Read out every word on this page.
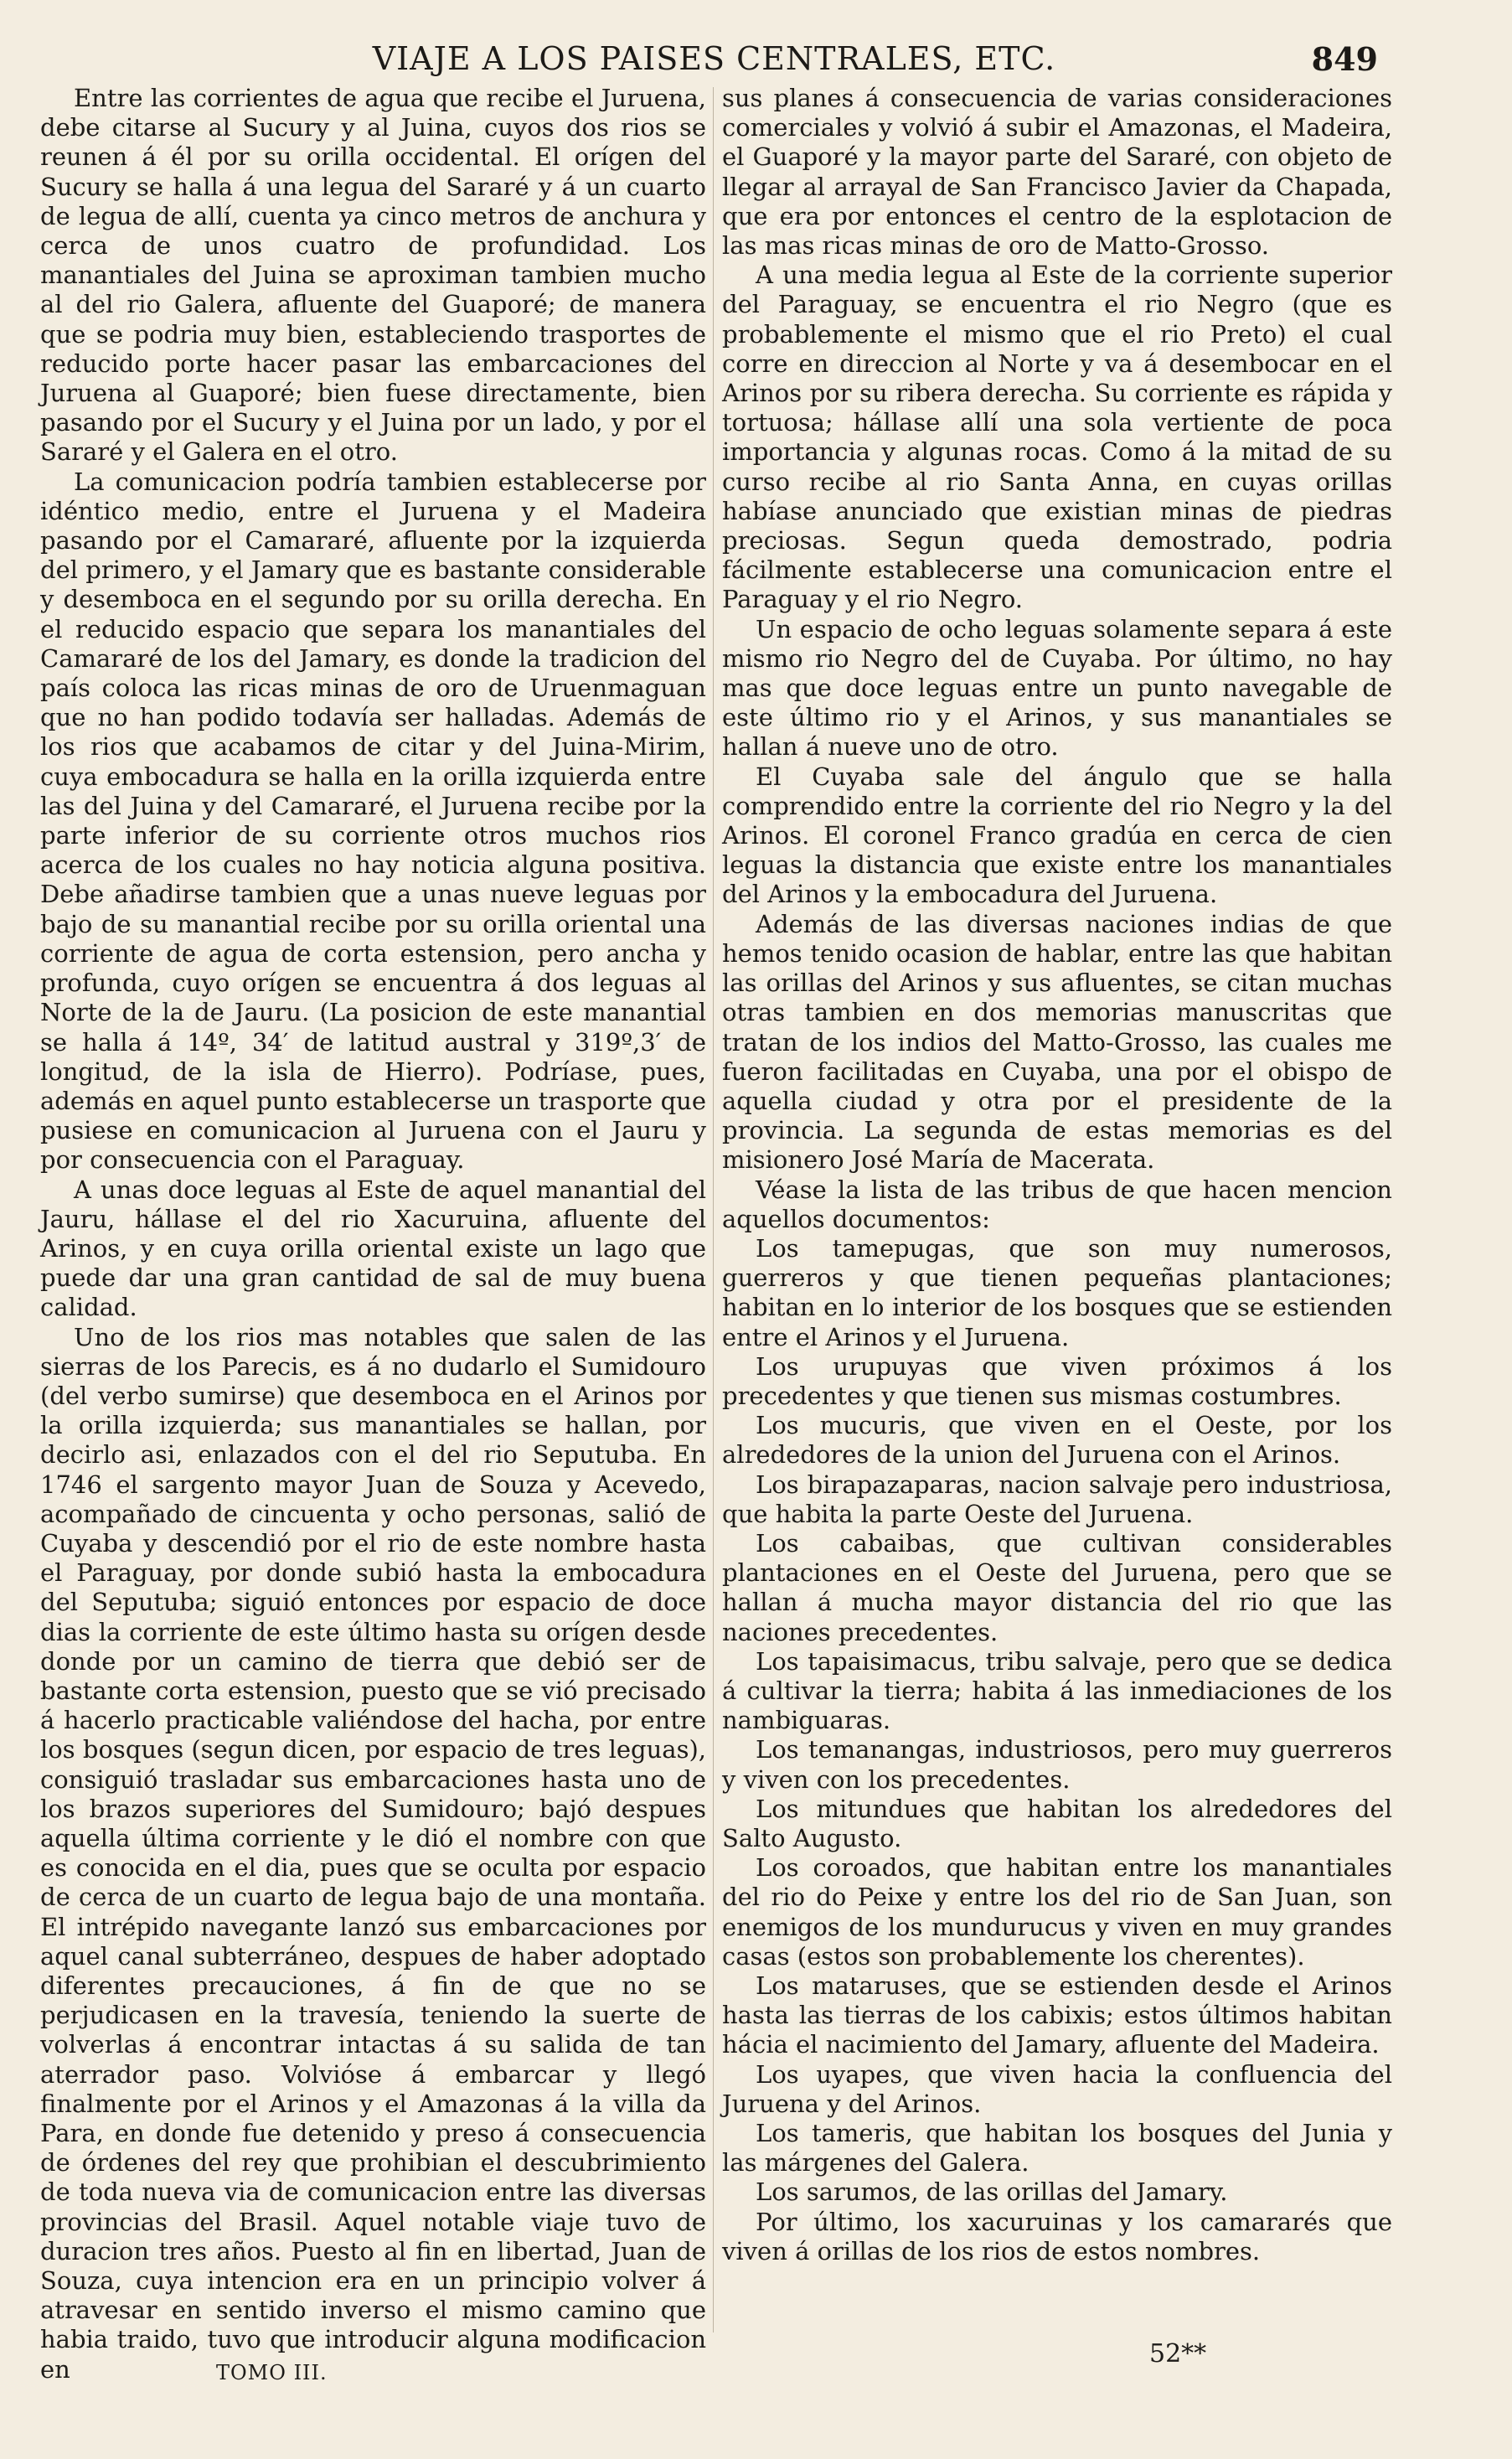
VIAJE A LOS PAISES CENTRALES, ETC.	849

Entre las corrientes de agua que recibe el Juruena, debe citarse al Sucury y al Juina, cuyos dos rios se reunen á él por su orilla occidental. El orígen del Sucury se halla á una legua del Sararé y á un cuarto de legua de allí, cuenta ya cinco metros de anchura y cerca de unos cuatro de profundidad. Los manantiales del Juina se aproximan tambien mucho al del rio Galera, afluente del Guaporé; de manera que se podria muy bien, estableciendo trasportes de reducido porte hacer pasar las embarcaciones del Juruena al Guaporé; bien fuese directamente, bien pasando por el Sucury y el Juina por un lado, y por el Sararé y el Galera en el otro.

La comunicacion podría tambien establecerse por idéntico medio, entre el Juruena y el Madeira pasando por el Camararé, afluente por la izquierda del primero, y el Jamary que es bastante considerable y desemboca en el segundo por su orilla derecha. En el reducido espacio que separa los manantiales del Camararé de los del Jamary, es donde la tradicion del país coloca las ricas minas de oro de Uruenmaguan que no han podido todavía ser halladas. Además de los rios que acabamos de citar y del Juina-Mirim, cuya embocadura se halla en la orilla izquierda entre las del Juina y del Camararé, el Juruena recibe por la parte inferior de su corriente otros muchos rios acerca de los cuales no hay noticia alguna positiva. Debe añadirse tambien que a unas nueve leguas por bajo de su manantial recibe por su orilla oriental una corriente de agua de corta estension, pero ancha y profunda, cuyo orígen se encuentra á dos leguas al Norte de la de Jauru. (La posicion de este manantial se halla á 14º, 34′ de latitud austral y 319º,3′ de longitud, de la isla de Hierro). Podríase, pues, además en aquel punto establecerse un trasporte que pusiese en comunicacion al Juruena con el Jauru y por consecuencia con el Paraguay.

A unas doce leguas al Este de aquel manantial del Jauru, hállase el del rio Xacuruina, afluente del Arinos, y en cuya orilla oriental existe un lago que puede dar una gran cantidad de sal de muy buena calidad.

Uno de los rios mas notables que salen de las sierras de los Parecis, es á no dudarlo el Sumidouro (del verbo sumirse) que desemboca en el Arinos por la orilla izquierda; sus manantiales se hallan, por decirlo asi, enlazados con el del rio Seputuba. En 1746 el sargento mayor Juan de Souza y Acevedo, acompañado de cincuenta y ocho personas, salió de Cuyaba y descendió por el rio de este nombre hasta el Paraguay, por donde subió hasta la embocadura del Seputuba; siguió entonces por espacio de doce dias la corriente de este último hasta su orígen desde donde por un camino de tierra que debió ser de bastante corta estension, puesto que se vió precisado á hacerlo practicable valiéndose del hacha, por entre los bosques (segun dicen, por espacio de tres leguas), consiguió trasladar sus embarcaciones hasta uno de los brazos superiores del Sumidouro; bajó despues aquella última corriente y le dió el nombre con que es conocida en el dia, pues que se oculta por espacio de cerca de un cuarto de legua bajo de una montaña. El intrépido navegante lanzó sus embarcaciones por aquel canal subterráneo, despues de haber adoptado diferentes precauciones, á fin de que no se perjudicasen en la travesía, teniendo la suerte de volverlas á encontrar intactas á su salida de tan aterrador paso. Volvióse á embarcar y llegó finalmente por el Arinos y el Amazonas á la villa da Para, en donde fue detenido y preso á consecuencia de órdenes del rey que prohibian el descubrimiento de toda nueva via de comunicacion entre las diversas provincias del Brasil. Aquel notable viaje tuvo de duracion tres años. Puesto al fin en libertad, Juan de Souza, cuya intencion era en un principio volver á atravesar en sentido inverso el mismo camino que habia traido, tuvo que introducir alguna modificacion en

sus planes á consecuencia de varias consideraciones comerciales y volvió á subir el Amazonas, el Madeira, el Guaporé y la mayor parte del Sararé, con objeto de llegar al arrayal de San Francisco Javier da Chapada, que era por entonces el centro de la esplotacion de las mas ricas minas de oro de Matto-Grosso.

A una media legua al Este de la corriente superior del Paraguay, se encuentra el rio Negro (que es probablemente el mismo que el rio Preto) el cual corre en direccion al Norte y va á desembocar en el Arinos por su ribera derecha. Su corriente es rápida y tortuosa; hállase allí una sola vertiente de poca importancia y algunas rocas. Como á la mitad de su curso recibe al rio Santa Anna, en cuyas orillas habíase anunciado que existian minas de piedras preciosas. Segun queda demostrado, podria fácilmente establecerse una comunicacion entre el Paraguay y el rio Negro.

Un espacio de ocho leguas solamente separa á este mismo rio Negro del de Cuyaba. Por último, no hay mas que doce leguas entre un punto navegable de este último rio y el Arinos, y sus manantiales se hallan á nueve uno de otro.

El Cuyaba sale del ángulo que se halla comprendido entre la corriente del rio Negro y la del Arinos. El coronel Franco gradúa en cerca de cien leguas la distancia que existe entre los manantiales del Arinos y la embocadura del Juruena.

Además de las diversas naciones indias de que hemos tenido ocasion de hablar, entre las que habitan las orillas del Arinos y sus afluentes, se citan muchas otras tambien en dos memorias manuscritas que tratan de los indios del Matto-Grosso, las cuales me fueron facilitadas en Cuyaba, una por el obispo de aquella ciudad y otra por el presidente de la provincia. La segunda de estas memorias es del misionero José María de Macerata.

Véase la lista de las tribus de que hacen mencion aquellos documentos:

Los tamepugas, que son muy numerosos, guerreros y que tienen pequeñas plantaciones; habitan en lo interior de los bosques que se estienden entre el Arinos y el Juruena.

Los urupuyas que viven próximos á los precedentes y que tienen sus mismas costumbres.

Los mucuris, que viven en el Oeste, por los alrededores de la union del Juruena con el Arinos.

Los birapazaparas, nacion salvaje pero industriosa, que habita la parte Oeste del Juruena.

Los cabaibas, que cultivan considerables plantaciones en el Oeste del Juruena, pero que se hallan á mucha mayor distancia del rio que las naciones precedentes.

Los tapaisimacus, tribu salvaje, pero que se dedica á cultivar la tierra; habita á las inmediaciones de los nambiguaras.

Los temanangas, industriosos, pero muy guerreros y viven con los precedentes.

Los mitundues que habitan los alrededores del Salto Augusto.

Los coroados, que habitan entre los manantiales del rio do Peixe y entre los del rio de San Juan, son enemigos de los mundurucus y viven en muy grandes casas (estos son probablemente los cherentes).

Los mataruses, que se estienden desde el Arinos hasta las tierras de los cabixis; estos últimos habitan hácia el nacimiento del Jamary, afluente del Madeira.

Los uyapes, que viven hacia la confluencia del Juruena y del Arinos.

Los tameris, que habitan los bosques del Junia y las márgenes del Galera.

Los sarumos, de las orillas del Jamary.

Por último, los xacuruinas y los camararés que viven á orillas de los rios de estos nombres.

TOMO III.
52**
